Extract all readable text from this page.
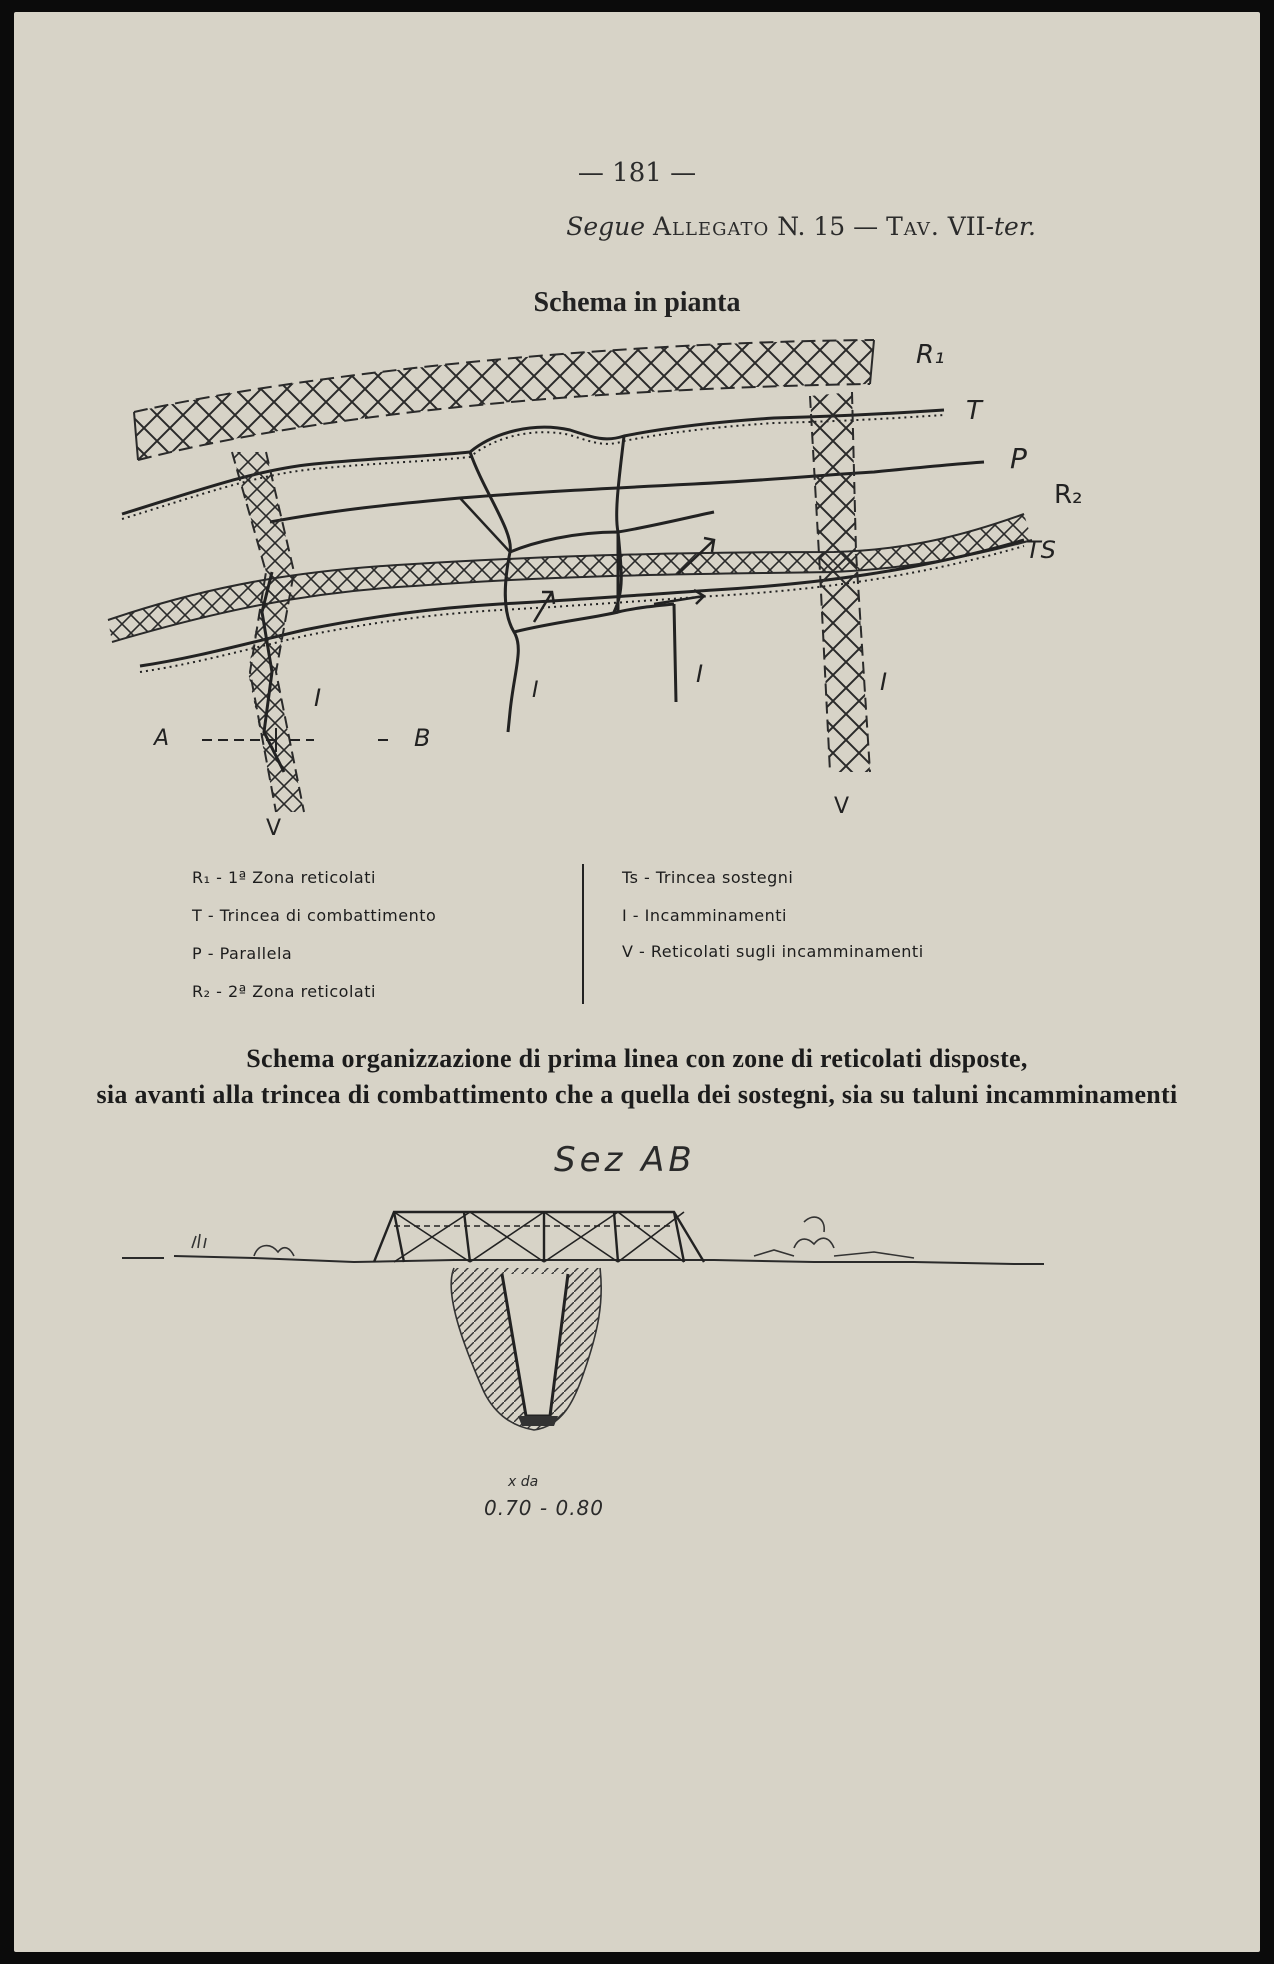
— 181 —
Segue Allegato N. 15 — Tav. VII-ter.
Schema in pianta
R₁
T
P
R₂
TS
I	I
I	I
A	B
V
V
R₁ - 1ª Zona reticolati
T - Trincea di combattimento
P - Parallela
R₂ - 2ª Zona reticolati
Ts - Trincea sostegni
I - Incamminamenti
V - Reticolati sugli incamminamenti
Schema organizzazione di prima linea con zone di reticolati disposte,
sia avanti alla trincea di combattimento che a quella dei sostegni, sia su taluni incamminamenti
Sez AB
x da
0.70 - 0.80
